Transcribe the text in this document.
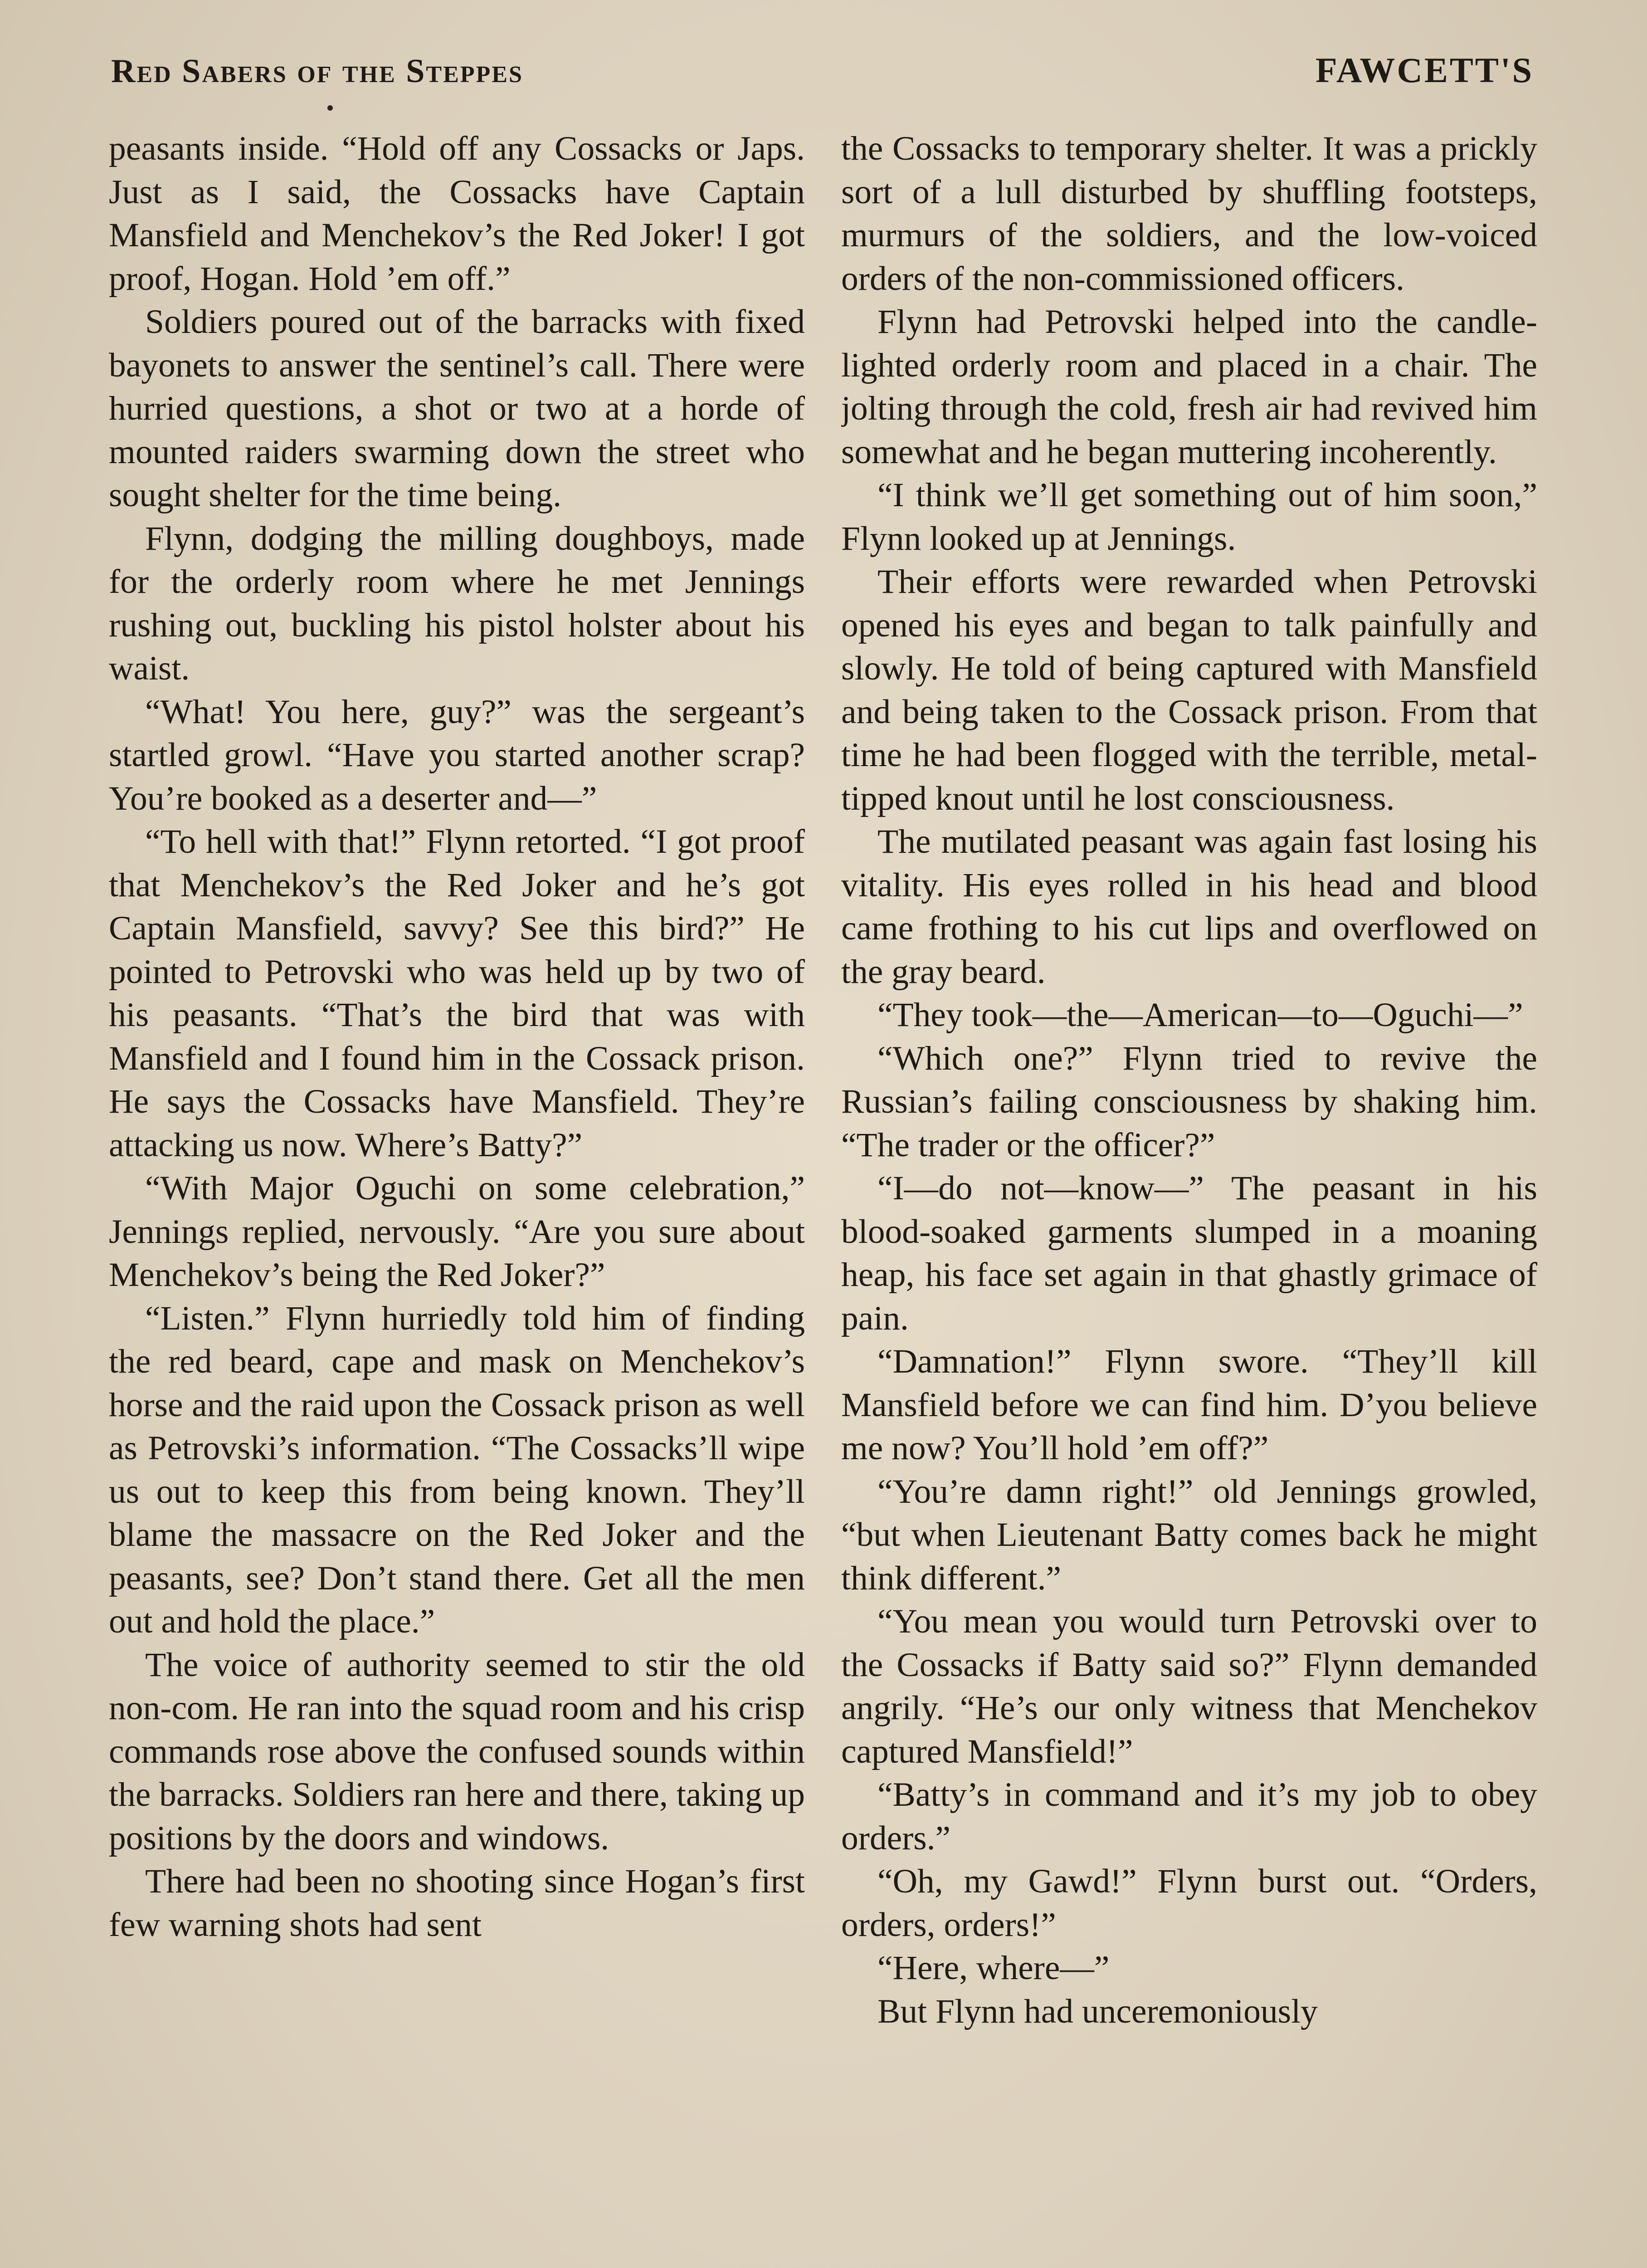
Red Sabers of the Steppes	FAWCETT'S

peasants inside. “Hold off any Cossacks or Japs. Just as I said, the Cossacks have Captain Mansfield and Menchekov’s the Red Joker! I got proof, Hogan. Hold ’em off.”

Soldiers poured out of the barracks with fixed bayonets to answer the sentinel’s call. There were hurried questions, a shot or two at a horde of mounted raiders swarming down the street who sought shelter for the time being.

Flynn, dodging the milling doughboys, made for the orderly room where he met Jennings rushing out, buckling his pistol holster about his waist.

“What! You here, guy?” was the sergeant’s startled growl. “Have you started another scrap? You’re booked as a deserter and—”

“To hell with that!” Flynn retorted. “I got proof that Menchekov’s the Red Joker and he’s got Captain Mansfield, savvy? See this bird?” He pointed to Petrovski who was held up by two of his peasants. “That’s the bird that was with Mansfield and I found him in the Cossack prison. He says the Cossacks have Mansfield. They’re attacking us now. Where’s Batty?”

“With Major Oguchi on some celebration,” Jennings replied, nervously. “Are you sure about Menchekov’s being the Red Joker?”

“Listen.” Flynn hurriedly told him of finding the red beard, cape and mask on Menchekov’s horse and the raid upon the Cossack prison as well as Petrovski’s information. “The Cossacks’ll wipe us out to keep this from being known. They’ll blame the massacre on the Red Joker and the peasants, see? Don’t stand there. Get all the men out and hold the place.”

The voice of authority seemed to stir the old non-com. He ran into the squad room and his crisp commands rose above the confused sounds within the barracks. Soldiers ran here and there, taking up positions by the doors and windows.

There had been no shooting since Hogan’s first few warning shots had sent

the Cossacks to temporary shelter. It was a prickly sort of a lull disturbed by shuffling footsteps, murmurs of the soldiers, and the low-voiced orders of the non-commissioned officers.

Flynn had Petrovski helped into the candle-lighted orderly room and placed in a chair. The jolting through the cold, fresh air had revived him somewhat and he began muttering incoherently.

“I think we’ll get something out of him soon,” Flynn looked up at Jennings.

Their efforts were rewarded when Petrovski opened his eyes and began to talk painfully and slowly. He told of being captured with Mansfield and being taken to the Cossack prison. From that time he had been flogged with the terrible, metal-tipped knout until he lost consciousness.

The mutilated peasant was again fast losing his vitality. His eyes rolled in his head and blood came frothing to his cut lips and overflowed on the gray beard.

“They took—the—American—to—Oguchi—”

“Which one?” Flynn tried to revive the Russian’s failing consciousness by shaking him. “The trader or the officer?”

“I—do not—know—” The peasant in his blood-soaked garments slumped in a moaning heap, his face set again in that ghastly grimace of pain.

“Damnation!” Flynn swore. “They’ll kill Mansfield before we can find him. D’you believe me now? You’ll hold ’em off?”

“You’re damn right!” old Jennings growled, “but when Lieutenant Batty comes back he might think different.”

“You mean you would turn Petrovski over to the Cossacks if Batty said so?” Flynn demanded angrily. “He’s our only witness that Menchekov captured Mansfield!”

“Batty’s in command and it’s my job to obey orders.”

“Oh, my Gawd!” Flynn burst out. “Orders, orders, orders!”

“Here, where—”

But Flynn had unceremoniously
